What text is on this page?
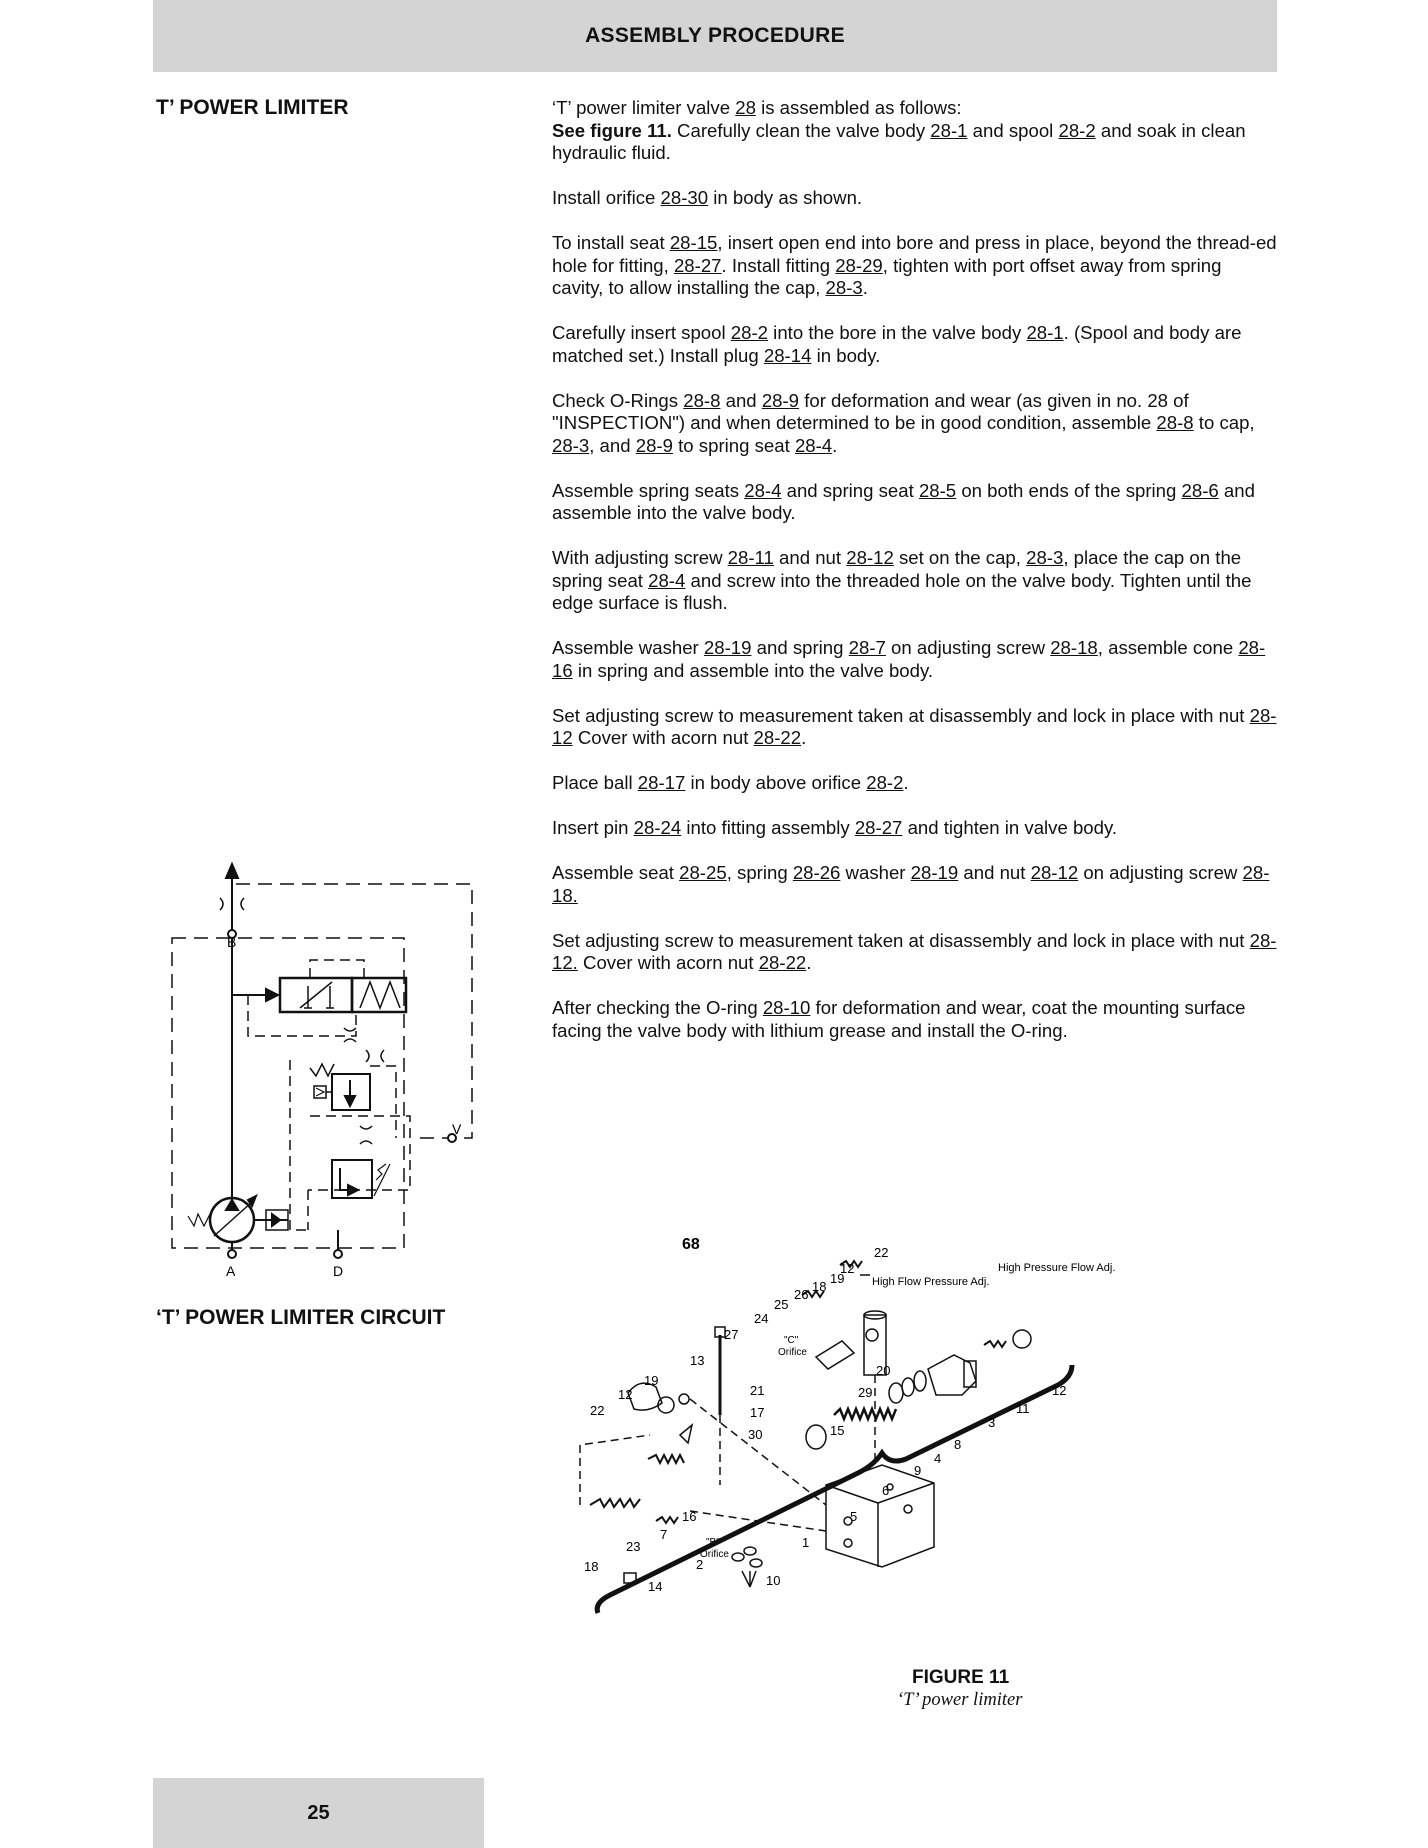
ASSEMBLY PROCEDURE
T’ POWER LIMITER	‘T’ power limiter valve 28 is assembled as follows:
See figure 11. Carefully clean the valve body 28-1 and spool 28-2 and soak in clean hydraulic fluid.

Install orifice 28-30 in body as shown.

To install seat 28-15, insert open end into bore and press in place, beyond the thread-ed hole for fitting, 28-27. Install fitting 28-29, tighten with port offset away from spring cavity, to allow installing the cap, 28-3.

Carefully insert spool 28-2 into the bore in the valve body 28-1. (Spool and body are matched set.) Install plug 28-14 in body.

Check O-Rings 28-8 and 28-9 for deformation and wear (as given in no. 28 of "INSPECTION") and when determined to be in good condition, assemble 28-8 to cap, 28-3, and 28-9 to spring seat 28-4.

Assemble spring seats 28-4 and spring seat 28-5 on both ends of the spring 28-6 and assemble into the valve body.

With adjusting screw 28-11 and nut 28-12 set on the cap, 28-3, place the cap on the spring seat 28-4 and screw into the threaded hole on the valve body. Tighten until the edge surface is flush.

Assemble washer 28-19 and spring 28-7 on adjusting screw 28-18, assemble cone 28-16 in spring and assemble into the valve body.

Set adjusting screw to measurement taken at disassembly and lock in place with nut 28-12 Cover with acorn nut 28-22.

Place ball 28-17 in body above orifice 28-2.

Insert pin 28-24 into fitting assembly 28-27 and tighten in valve body.

Assemble seat 28-25, spring 28-26 washer 28-19 and nut 28-12 on adjusting screw 28-18.

Set adjusting screw to measurement taken at disassembly and lock in place with nut 28-12. Cover with acorn nut 28-22.

After checking the O-ring 28-10 for deformation and wear, coat the mounting surface facing the valve body with lithium grease and install the O-ring.

B
A	D
V
‘T’ POWER LIMITER CIRCUIT
68
High Flow Pressure Adj.
High Pressure Flow Adj.
"C"
Orifice
"B"
Orifice
22
12
19
18
26
25
24
27
13
19
12
22
21
17
30
29
20
15
3
11
12
8
4
9
6
5
16
7
23
18	2
14	10
1
FIGURE 11
‘T’ power limiter
25
